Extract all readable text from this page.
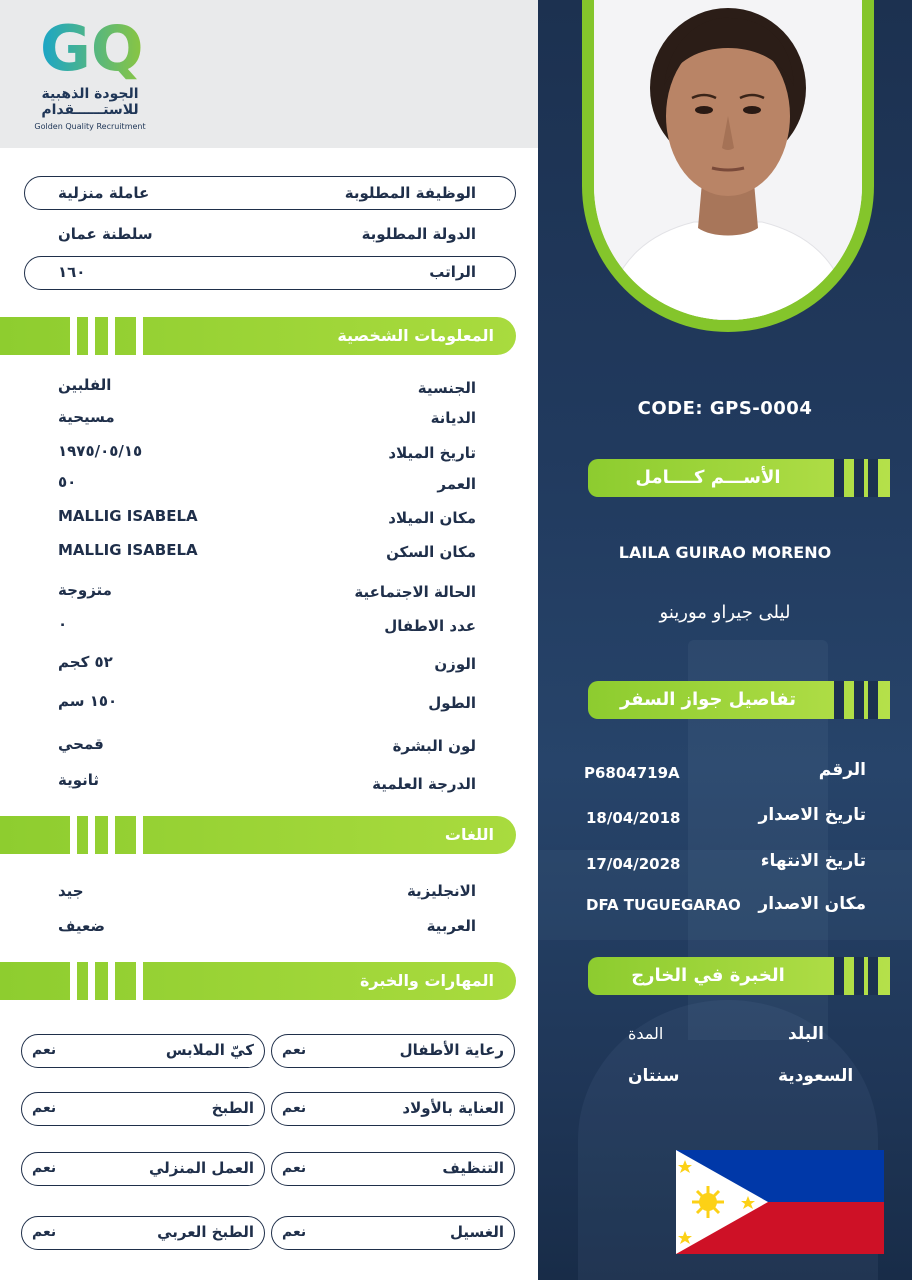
GQ
الجودة الذهبية
للاستــــــقدام
Golden Quality Recruitment
الوظيفة المطلوبة
عاملة منزلية
الدولة المطلوبة
سلطنة عمان
الراتب
١٦٠
المعلومات الشخصية
الجنسية
الفلبين
الديانة
مسيحية
تاريخ الميلاد
١٩٧٥/٠٥/١٥
العمر
٥٠
مكان الميلاد
MALLIG ISABELA
مكان السكن
MALLIG ISABELA
الحالة الاجتماعية
متزوجة
عدد الاطفال
٠
الوزن
٥٢ كجم
الطول
١٥٠ سم
لون البشرة
قمحي
الدرجة العلمية
ثانوية
اللغات
الانجليزية
جيد
العربية
ضعيف
المهارات والخبرة
رعاية الأطفال
نعم
كيّ الملابس
نعم
العناية بالأولاد
نعم
الطبخ
نعم
التنظيف
نعم
العمل المنزلي
نعم
الغسيل
نعم
الطبخ العربي
نعم
CODE: GPS-0004
الأســـم كــــامل
LAILA GUIRAO MORENO
ليلى جيراو مورينو
تفاصيل جواز السفر
الرقم
P6804719A
تاريخ الاصدار
18/04/2018
تاريخ الانتهاء
17/04/2028
مكان الاصدار
DFA TUGUEGARAO
الخبرة في الخارج
البلد
المدة
السعودية
سنتان
